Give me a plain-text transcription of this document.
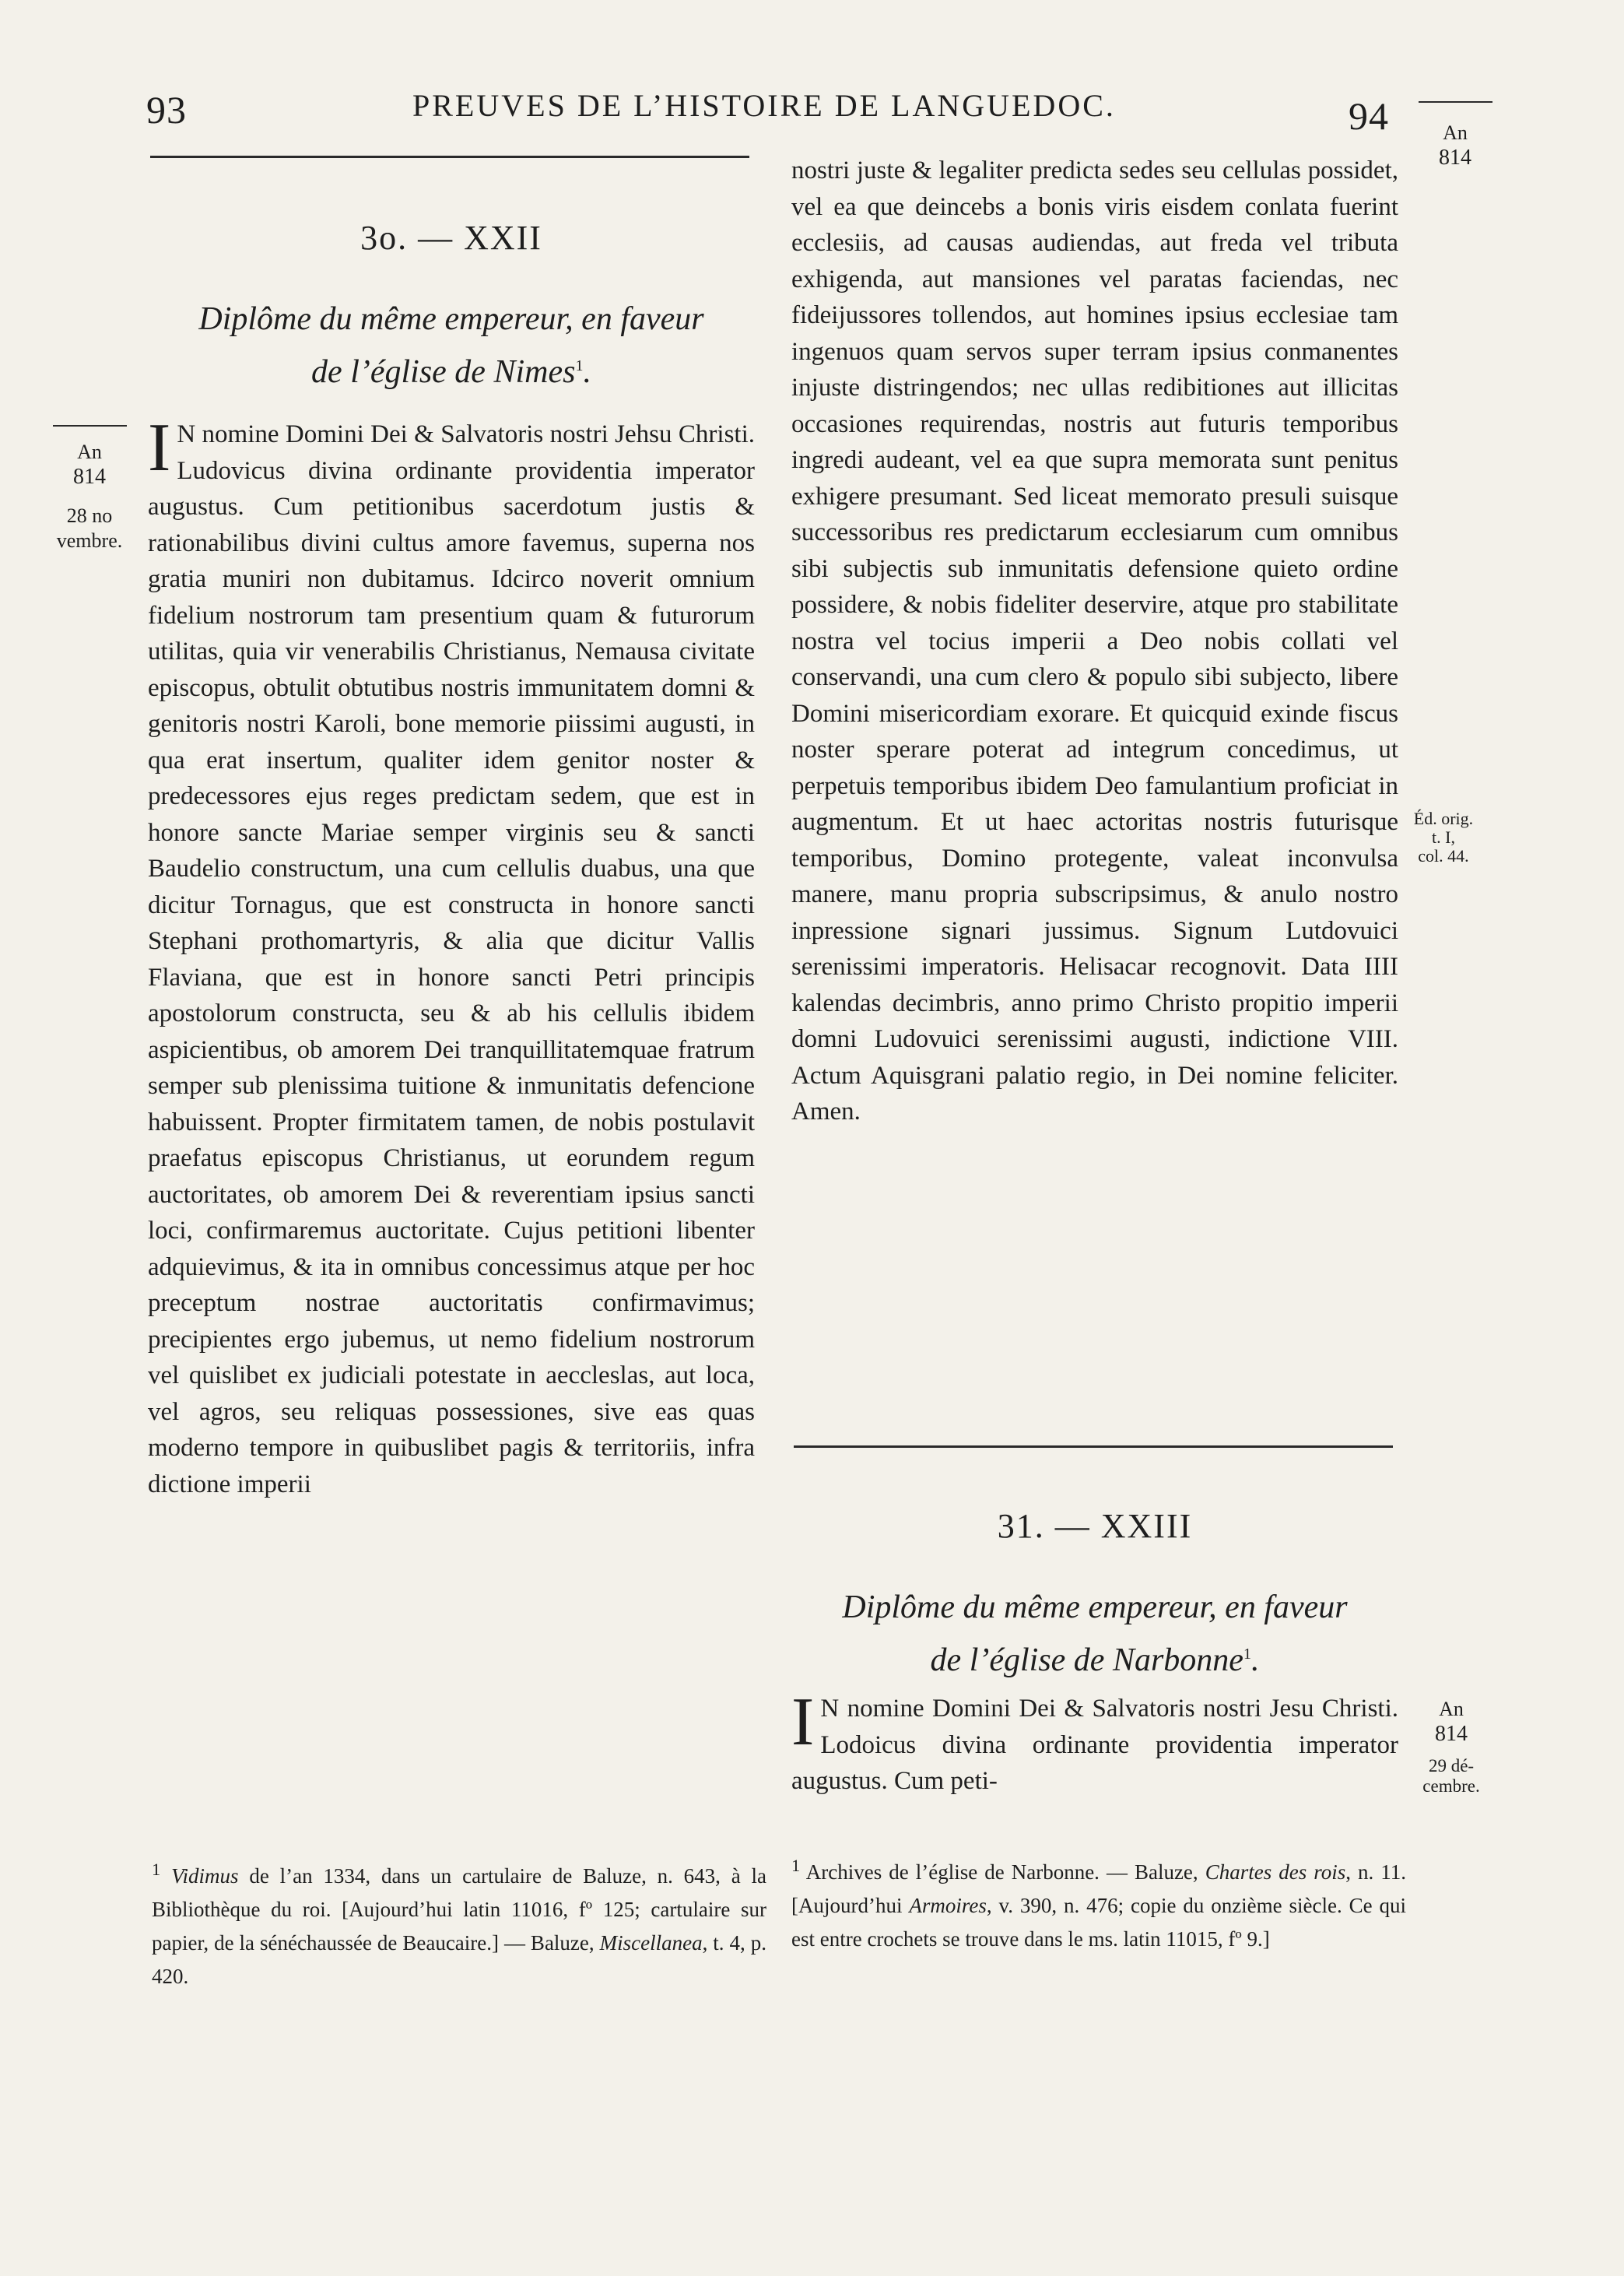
93	PREUVES DE L’HISTOIRE DE LANGUEDOC.	94	An
814
3o. — XXII
Diplôme du même empereur, en faveur
de l’église de Nimes$^1$.
An
814
28 no
vembre.

I N nomine Domini Dei & Salvatoris nostri Jehsu Christi. Ludovicus divina ordinante providentia imperator augustus. Cum petitionibus sacerdotum justis & rationabilibus divini cultus amore favemus, superna nos gratia muniri non dubitamus. Idcirco noverit omnium fidelium nostrorum tam presentium quam & futurorum utilitas, quia vir venerabilis Christianus, Nemausa civitate episcopus, obtulit obtutibus nostris immunitatem domni & genitoris nostri Karoli, bone memorie piissimi augusti, in qua erat insertum, qualiter idem genitor noster & predecessores ejus reges predictam sedem, que est in honore sancte Mariae semper virginis seu & sancti Baudelio constructum, una cum cellulis duabus, una que dicitur Tornagus, que est constructa in honore sancti Stephani prothomartyris, & alia que dicitur Vallis Flaviana, que est in honore sancti Petri principis apostolorum constructa, seu & ab his cellulis ibidem aspicientibus, ob amorem Dei tranquillitatemquae fratrum semper sub plenissima tuitione & inmunitatis defencione habuissent. Propter firmitatem tamen, de nobis postulavit praefatus episcopus Christianus, ut eorundem regum auctoritates, ob amorem Dei & reverentiam ipsius sancti loci, confirmaremus auctoritate. Cujus petitioni libenter adquievimus, & ita in omnibus concessimus atque per hoc preceptum nostrae auctoritatis confirmavimus; precipientes ergo jubemus, ut nemo fidelium nostrorum vel quislibet ex judiciali potestate in aeccleslas, aut loca, vel agros, seu reliquas possessiones, sive eas quas moderno tempore in quibuslibet pagis & territoriis, infra dictione imperii

nostri juste & legaliter predicta sedes seu cellulas possidet, vel ea que deincebs a bonis viris eisdem conlata fuerint ecclesiis, ad causas audiendas, aut freda vel tributa exhigenda, aut mansiones vel paratas faciendas, nec fideijussores tollendos, aut homines ipsius ecclesiae tam ingenuos quam servos super terram ipsius conmanentes injuste distringendos; nec ullas redibitiones aut illicitas occasiones requirendas, nostris aut futuris temporibus ingredi audeant, vel ea que supra memorata sunt penitus exhigere presumant. Sed liceat memorato presuli suisque successoribus res predictarum ecclesiarum cum omnibus sibi subjectis sub inmunitatis defensione quieto ordine possidere, & nobis fideliter deservire, atque pro stabilitate nostra vel tocius imperii a Deo nobis collati vel conservandi, una cum clero & populo sibi subjecto, libere Domini misericordiam exorare. Et quicquid exinde fiscus noster sperare poterat ad integrum concedimus, ut perpetuis temporibus ibidem Deo famulantium proficiat in augmentum. Et ut haec actoritas nostris futurisque temporibus, Domino protegente, valeat inconvulsa manere, manu propria subscripsimus, & anulo nostro inpressione signari jussimus. Signum Lutdovuici serenissimi imperatoris. Helisacar recognovit. Data IIII kalendas decimbris, anno primo Christo propitio imperii domni Ludovuici serenissimi augusti, indictione VIII. Actum Aquisgrani palatio regio, in Dei nomine feliciter. Amen.

Éd. orig.
t. I,
col. 44.
31. — XXIII
Diplôme du même empereur, en faveur
de l’église de Narbonne$^1$.

I N nomine Domini Dei & Salvatoris nostri Jesu Christi. Lodoicus divina ordinante providentia imperator augustus. Cum peti-

An
814
29 dé-
cembre.

$^1$ Vidimus de l’an 1334, dans un cartulaire de Baluze, n. 643, à la Bibliothèque du roi. [Aujourd’hui latin 11016, fº 125; cartulaire sur papier, de la sénéchaussée de Beaucaire.] — Baluze, Miscellanea, t. 4, p. 420.

$^1$ Archives de l’église de Narbonne. — Baluze, Chartes des rois, n. 11. [Aujourd’hui Armoires, v. 390, n. 476; copie du onzième siècle. Ce qui est entre crochets se trouve dans le ms. latin 11015, fº 9.]
